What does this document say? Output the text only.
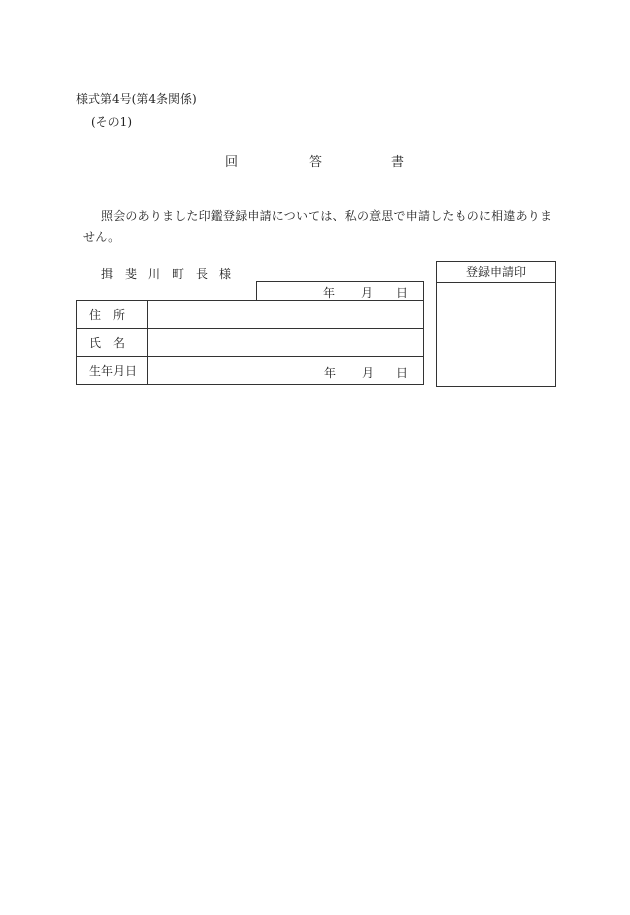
様式第4号(第4条関係)
(その1)
回	答	書
照会のありました印鑑登録申請については、私の意思で申請したものに相違ありません。
揖 斐 川 町 長 様
年 月 日
住　所	
氏　名	
生年月日	年 月 日
登録申請印
